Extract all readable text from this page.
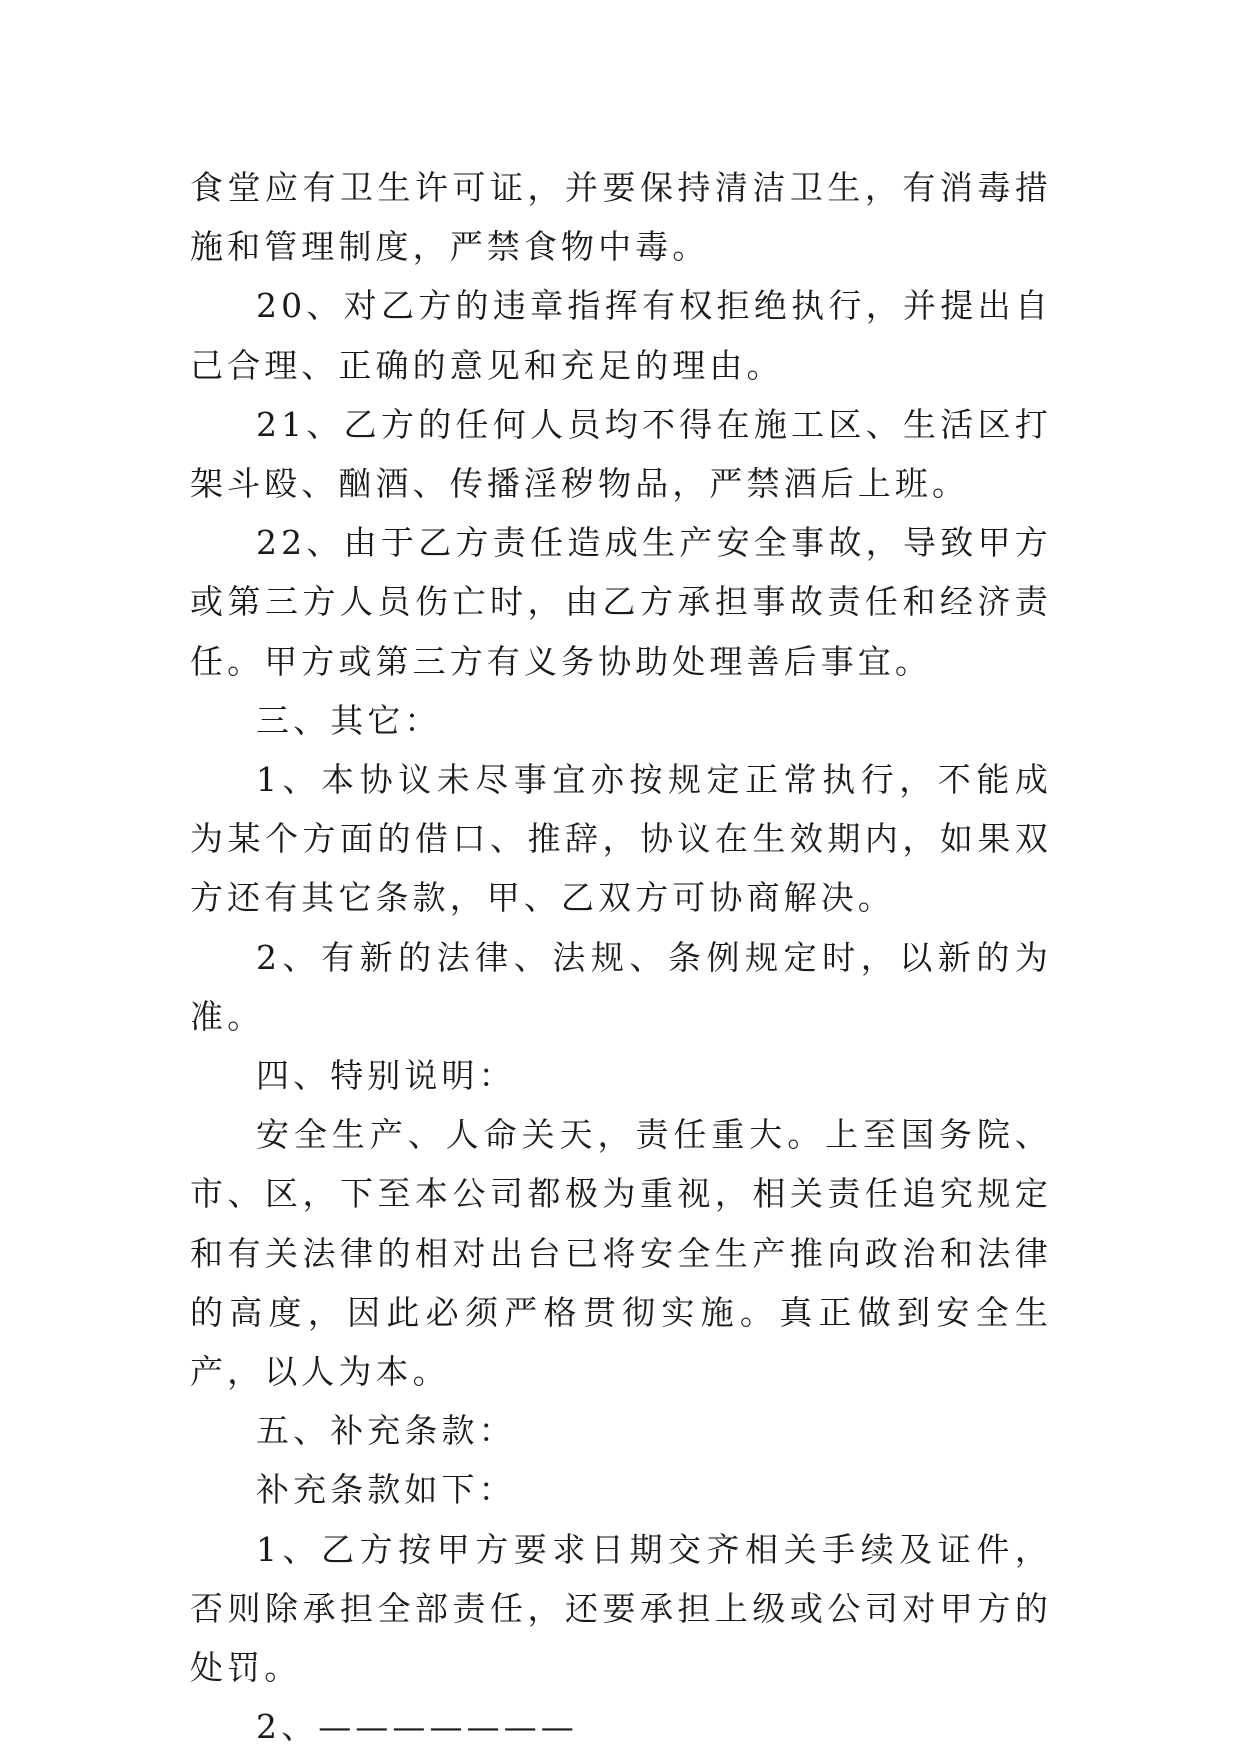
食堂应有卫生许可证，并要保持清洁卫生，有消毒措施和管理制度，严禁食物中毒。

20、对乙方的违章指挥有权拒绝执行，并提出自己合理、正确的意见和充足的理由。

21、乙方的任何人员均不得在施工区、生活区打架斗殴、酗酒、传播淫秽物品，严禁酒后上班。

22、由于乙方责任造成生产安全事故，导致甲方或第三方人员伤亡时，由乙方承担事故责任和经济责任。甲方或第三方有义务协助处理善后事宜。

三、其它：

1、本协议未尽事宜亦按规定正常执行，不能成为某个方面的借口、推辞，协议在生效期内，如果双方还有其它条款，甲、乙双方可协商解决。

2、有新的法律、法规、条例规定时，以新的为准。

四、特别说明：

安全生产、人命关天，责任重大。上至国务院、市、区，下至本公司都极为重视，相关责任追究规定和有关法律的相对出台已将安全生产推向政治和法律的高度，因此必须严格贯彻实施。真正做到安全生产，以人为本。

五、补充条款：

补充条款如下：

1、乙方按甲方要求日期交齐相关手续及证件，否则除承担全部责任，还要承担上级或公司对甲方的处罚。

2、———————
